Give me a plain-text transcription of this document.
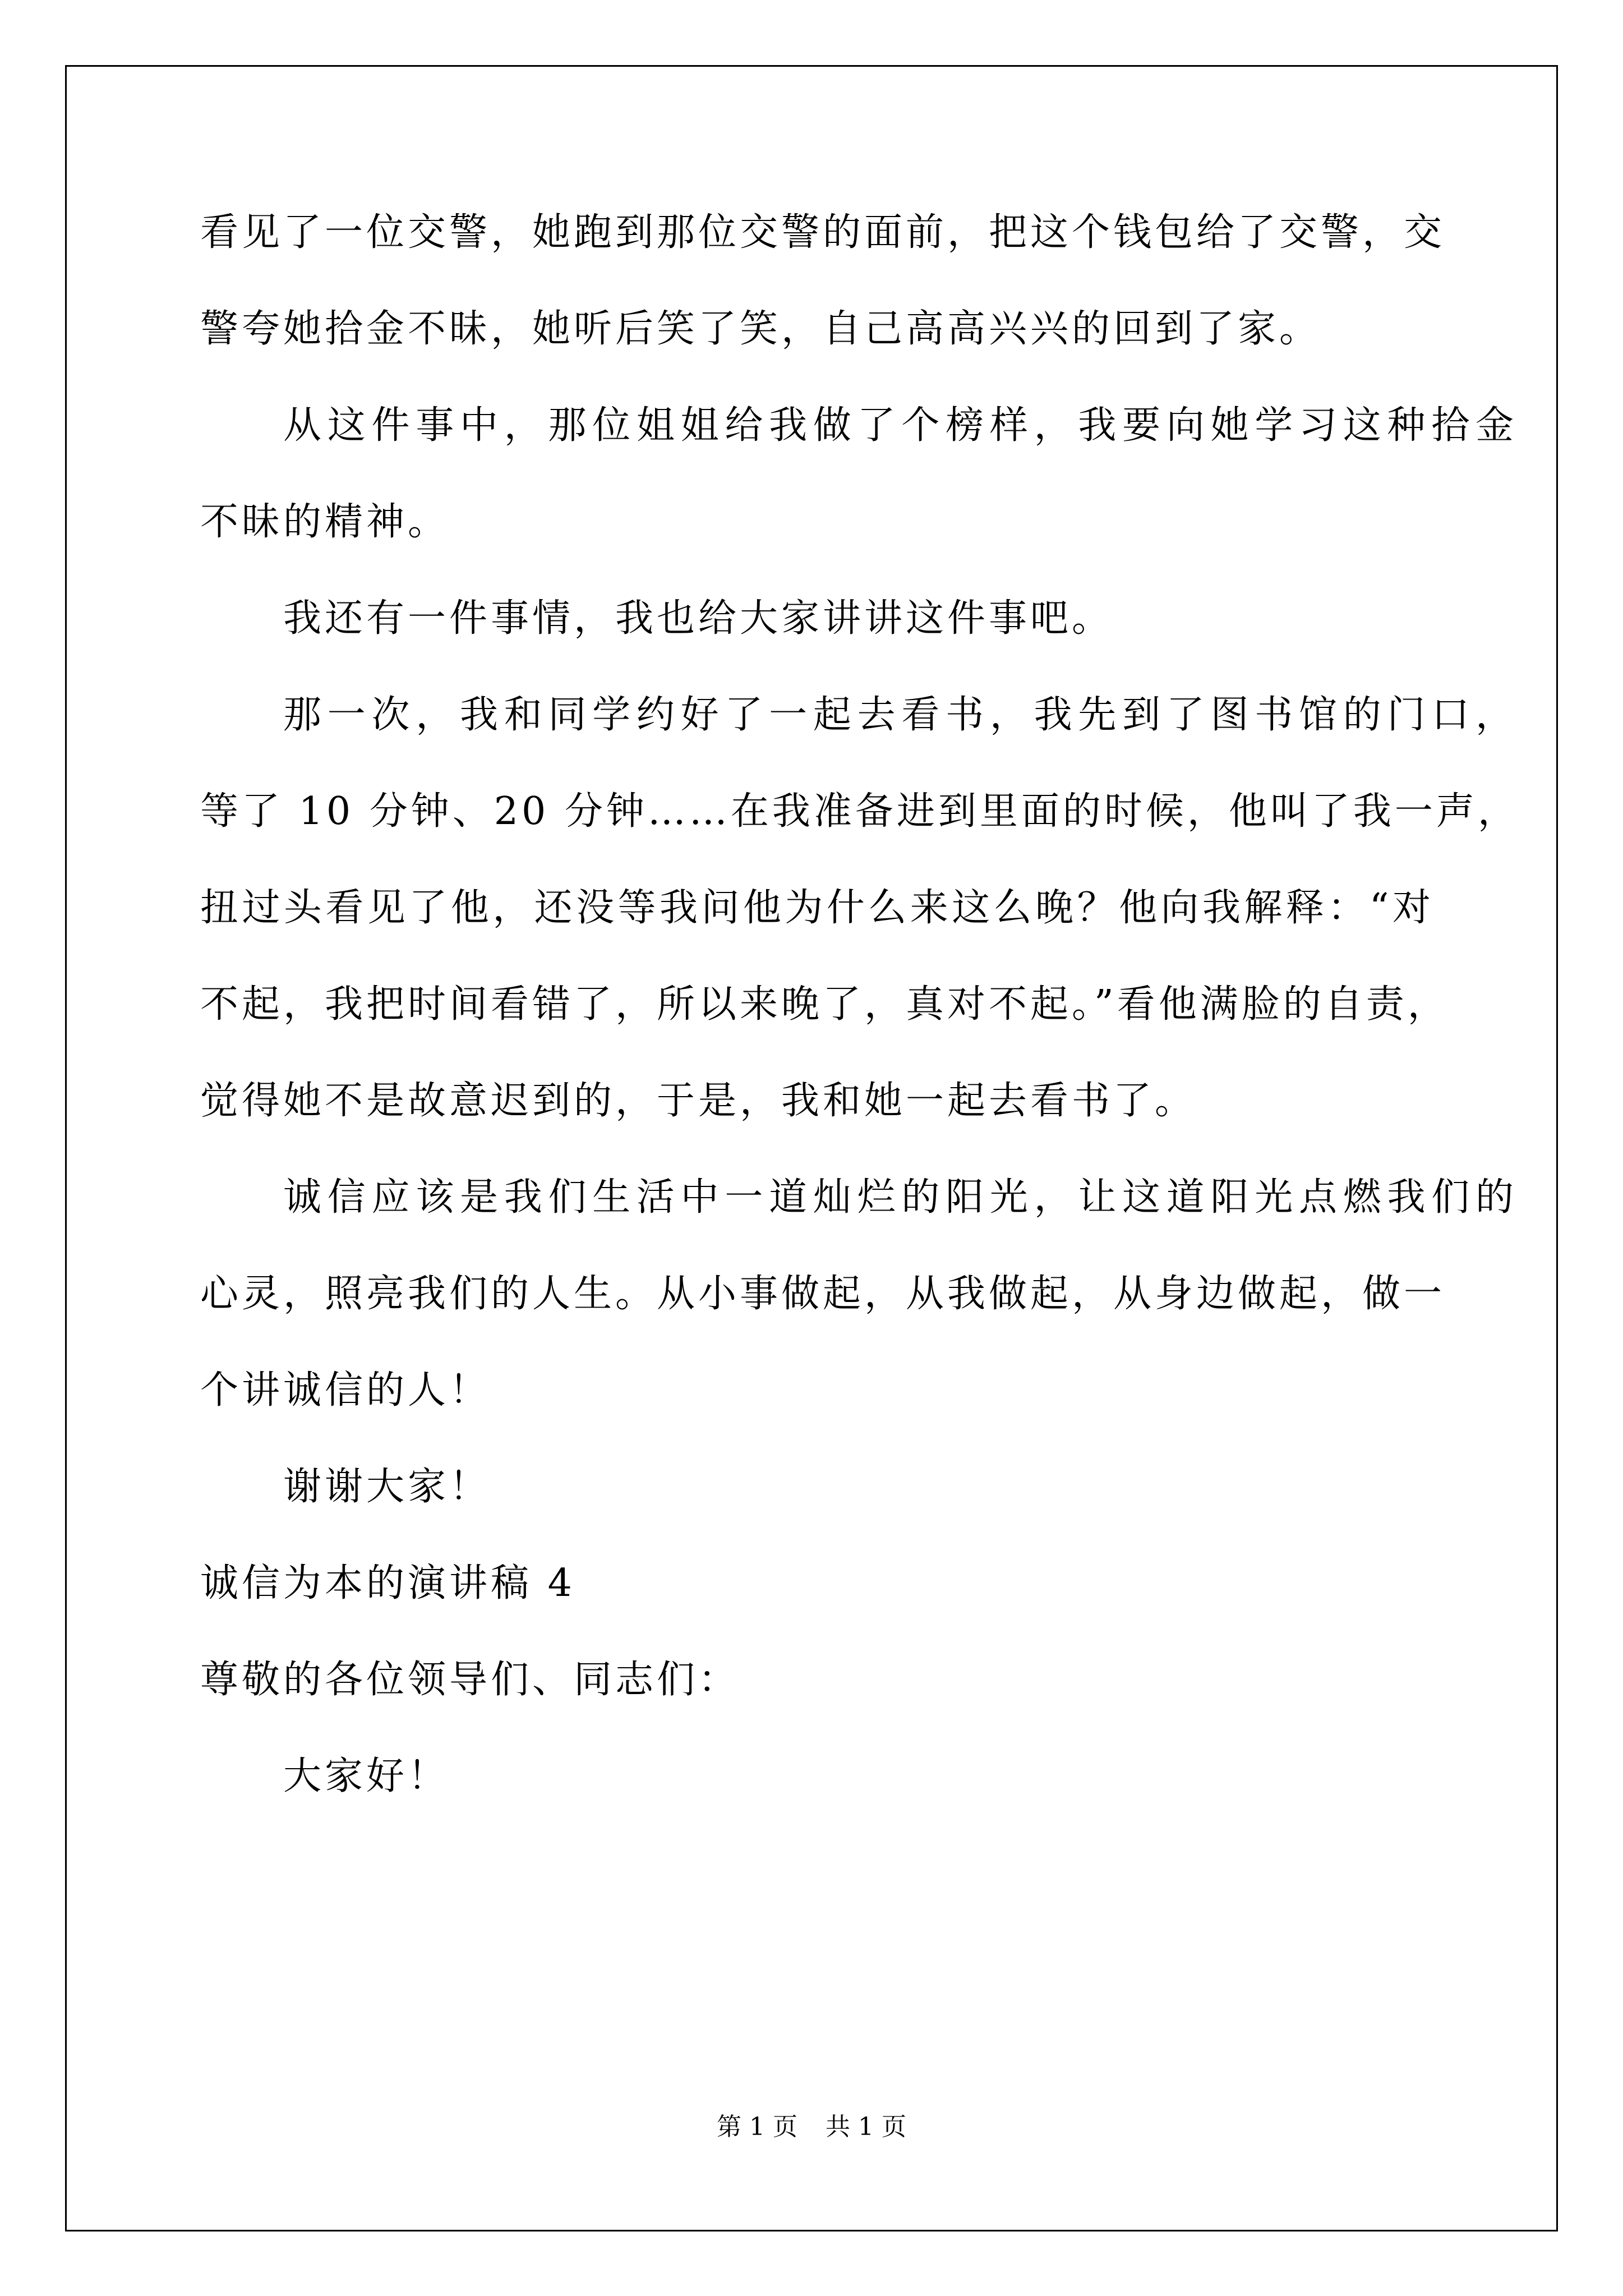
看见了一位交警，她跑到那位交警的面前，把这个钱包给了交警，交
警夸她拾金不昧，她听后笑了笑，自己高高兴兴的回到了家。
从这件事中，那位姐姐给我做了个榜样，我要向她学习这种拾金
不昧的精神。
我还有一件事情，我也给大家讲讲这件事吧。
那一次，我和同学约好了一起去看书，我先到了图书馆的门口，
等了 10 分钟、20 分钟……在我准备进到里面的时候，他叫了我一声，
扭过头看见了他，还没等我问他为什么来这么晚？他向我解释：“对
不起，我把时间看错了，所以来晚了，真对不起。”看他满脸的自责，
觉得她不是故意迟到的，于是，我和她一起去看书了。
诚信应该是我们生活中一道灿烂的阳光，让这道阳光点燃我们的
心灵，照亮我们的人生。从小事做起，从我做起，从身边做起，做一
个讲诚信的人！
谢谢大家！
诚信为本的演讲稿 4
尊敬的各位领导们、同志们：
大家好！
第 1 页 共 1 页
